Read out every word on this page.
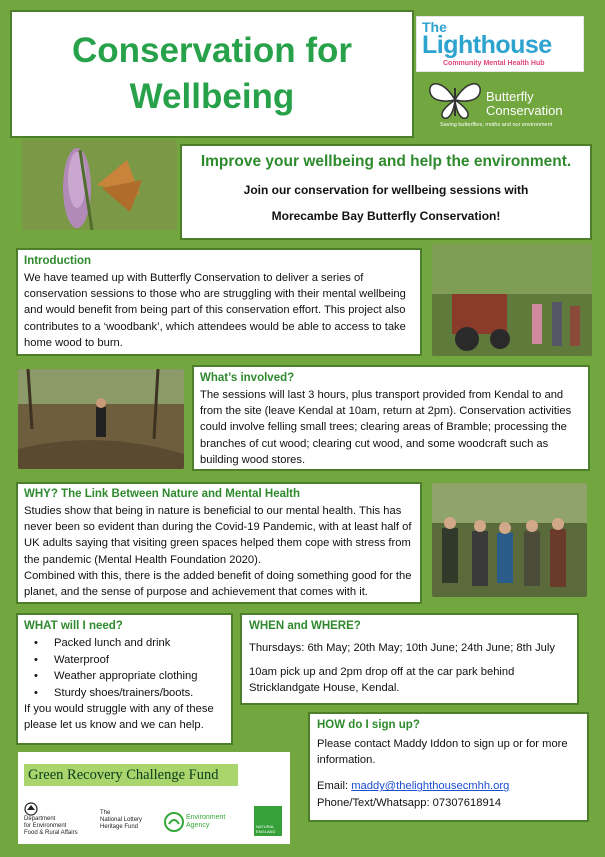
Conservation for
Wellbeing
The
Lighthouse
Community Mental Health Hub
Butterfly
Conservation
Saving butterflies, moths and our environment
Improve your wellbeing and help the environment.
Join our conservation for wellbeing sessions with
Morecambe Bay Butterfly Conservation!
Introduction
We have teamed up with Butterfly Conservation to deliver a series of conservation sessions to those who are struggling with their mental wellbeing and would benefit from being part of this conservation effort. This project also contributes to a ‘woodbank’, which attendees would be able to access to take home wood to burn.
What’s involved?
The sessions will last 3 hours, plus transport provided from Kendal to and from the site (leave Kendal at 10am, return at 2pm). Conservation activities could involve felling small trees; clearing areas of Bramble; processing the branches of cut wood; clearing cut wood, and some woodcraft such as building wood stores.
WHY? The Link Between Nature and Mental Health
Studies show that being in nature is beneficial to our mental health. This has never been so evident than during the Covid-19 Pandemic, with at least half of UK adults saying that visiting green spaces helped them cope with stress from the pandemic (Mental Health Foundation 2020).
Combined with this, there is the added benefit of doing something good for the planet, and the sense of purpose and achievement that comes with it.
WHAT will I need?
• Packed lunch and drink
• Waterproof
• Weather appropriate clothing
• Sturdy shoes/trainers/boots.
If you would struggle with any of these please let us know and we can help.
WHEN and WHERE?
Thursdays: 6th May; 20th May; 10th June; 24th June; 8th July
10am pick up and 2pm drop off at the car park behind Stricklandgate House, Kendal.
HOW do I sign up?
Please contact Maddy Iddon to sign up or for more information.
Email: maddy@thelighthousecmhh.org
Phone/Text/Whatsapp: 07307618914
Green Recovery Challenge Fund
Department
for Environment
Food & Rural Affairs
The
National Lottery
Heritage Fund
Environment
Agency	NATURAL
ENGLAND
